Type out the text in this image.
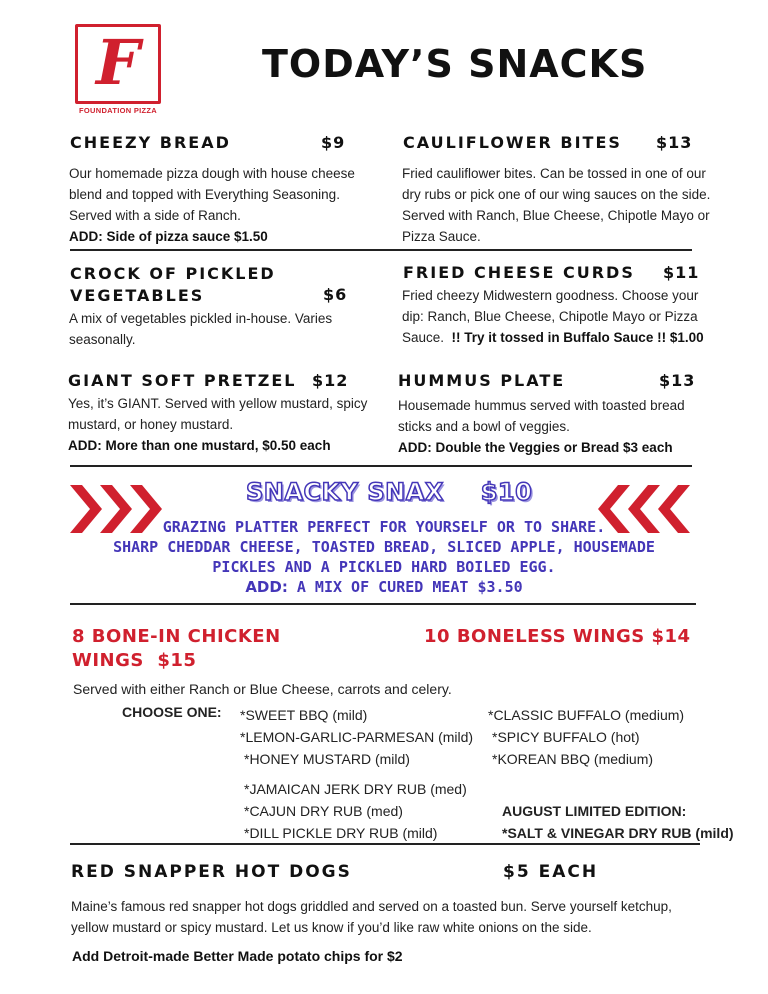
F
FOUNDATION PIZZA
TODAY’S SNACKS
CHEEZY BREAD	$9
Our homemade pizza dough with house cheese
blend and topped with Everything Seasoning.
Served with a side of Ranch.
ADD: Side of pizza sauce $1.50
CAULIFLOWER BITES $13
Fried cauliflower bites. Can be tossed in one of our
dry rubs or pick one of our wing sauces on the side.
Served with Ranch, Blue Cheese, Chipotle Mayo or
Pizza Sauce.
CROCK OF PICKLED
VEGETABLES	$6
A mix of vegetables pickled in-house. Varies
seasonally.
FRIED CHEESE CURDS $11
Fried cheezy Midwestern goodness. Choose your
dip: Ranch, Blue Cheese, Chipotle Mayo or Pizza
Sauce. !! Try it tossed in Buffalo Sauce !! $1.00
GIANT SOFT PRETZEL $12
Yes, it’s GIANT. Served with yellow mustard, spicy
mustard, or honey mustard.
ADD: More than one mustard, $0.50 each
HUMMUS PLATE	$13
Housemade hummus served with toasted bread
sticks and a bowl of veggies.
ADD: Double the Veggies or Bread $3 each
SNACKY SNAX $10
GRAZING PLATTER PERFECT FOR YOURSELF OR TO SHARE.
SHARP CHEDDAR CHEESE, TOASTED BREAD, SLICED APPLE, HOUSEMADE
PICKLES AND A PICKLED HARD BOILED EGG.
ADD: A MIX OF CURED MEAT $3.50
8 BONE-IN CHICKEN
WINGS  $15
10 BONELESS WINGS $14
Served with either Ranch or Blue Cheese, carrots and celery.
CHOOSE ONE: *SWEET BBQ (mild)
*LEMON-GARLIC-PARMESAN (mild)
*HONEY MUSTARD (mild)
*CLASSIC BUFFALO (medium)
*SPICY BUFFALO (hot)
*KOREAN BBQ (medium)
*JAMAICAN JERK DRY RUB (med)
*CAJUN DRY RUB (med)
*DILL PICKLE DRY RUB (mild)
AUGUST LIMITED EDITION:
*SALT & VINEGAR DRY RUB (mild)
RED SNAPPER HOT DOGS	$5 EACH
Maine’s famous red snapper hot dogs griddled and served on a toasted bun. Serve yourself ketchup,
yellow mustard or spicy mustard. Let us know if you’d like raw white onions on the side.
Add Detroit-made Better Made potato chips for $2
